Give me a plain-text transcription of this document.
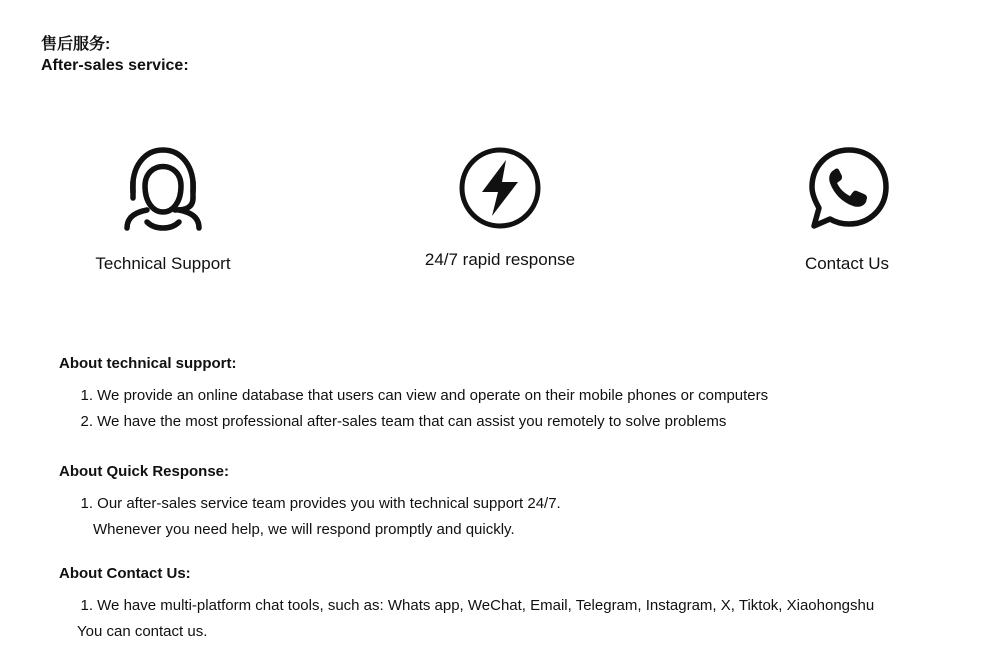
售后服务:
After-sales service:
Technical Support	24/7 rapid response	Contact Us
About technical support:
1. We provide an online database that users can view and operate on their mobile phones or computers
2. We have the most professional after-sales team that can assist you remotely to solve problems
About Quick Response:
1. Our after-sales service team provides you with technical support 24/7.
Whenever you need help, we will respond promptly and quickly.
About Contact Us:
1. We have multi-platform chat tools, such as: Whats app, WeChat, Email, Telegram, Instagram, X, Tiktok, Xiaohongshu
You can contact us.
